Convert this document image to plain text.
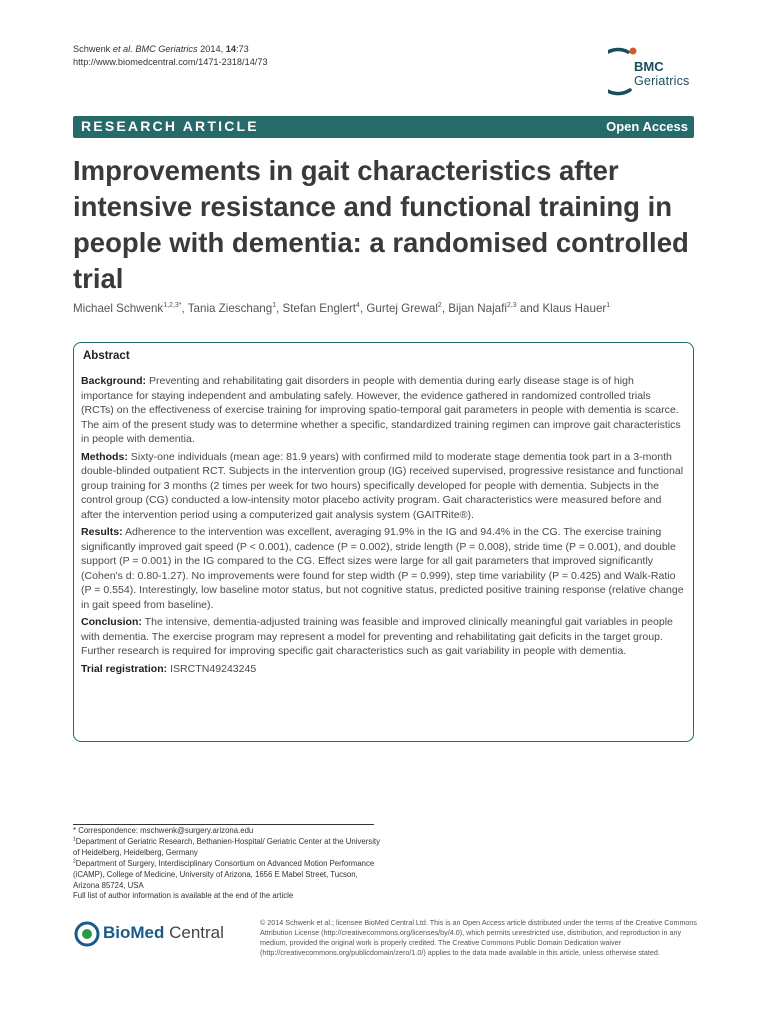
Schwenk et al. BMC Geriatrics 2014, 14:73
http://www.biomedcentral.com/1471-2318/14/73	BMC
Geriatrics
RESEARCH ARTICLE	Open Access
Improvements in gait characteristics after intensive resistance and functional training in people with dementia: a randomised controlled trial
Michael Schwenk$^{1,2,3*}$, Tania Zieschang$^1$, Stefan Englert$^4$, Gurtej Grewal$^2$, Bijan Najafi$^{2,3}$ and Klaus Hauer$^1$
Abstract

Background: Preventing and rehabilitating gait disorders in people with dementia during early disease stage is of high importance for staying independent and ambulating safely. However, the evidence gathered in randomized controlled trials (RCTs) on the effectiveness of exercise training for improving spatio-temporal gait parameters in people with dementia is scarce. The aim of the present study was to determine whether a specific, standardized training regimen can improve gait characteristics in people with dementia.

Methods: Sixty-one individuals (mean age: 81.9 years) with confirmed mild to moderate stage dementia took part in a 3-month double-blinded outpatient RCT. Subjects in the intervention group (IG) received supervised, progressive resistance and functional group training for 3 months (2 times per week for two hours) specifically developed for people with dementia. Subjects in the control group (CG) conducted a low-intensity motor placebo activity program. Gait characteristics were measured before and after the intervention period using a computerized gait analysis system (GAITRite®).

Results: Adherence to the intervention was excellent, averaging 91.9% in the IG and 94.4% in the CG. The exercise training significantly improved gait speed (P < 0.001), cadence (P = 0.002), stride length (P = 0.008), stride time (P = 0.001), and double support (P = 0.001) in the IG compared to the CG. Effect sizes were large for all gait parameters that improved significantly (Cohen's d: 0.80-1.27). No improvements were found for step width (P = 0.999), step time variability (P = 0.425) and Walk-Ratio (P = 0.554). Interestingly, low baseline motor status, but not cognitive status, predicted positive training response (relative change in gait speed from baseline).

Conclusion: The intensive, dementia-adjusted training was feasible and improved clinically meaningful gait variables in people with dementia. The exercise program may represent a model for preventing and rehabilitating gait deficits in the target group. Further research is required for improving specific gait characteristics such as gait variability in people with dementia.

Trial registration: ISRCTN49243245

* Correspondence: mschwenk@surgery.arizona.edu
$^1$Department of Geriatric Research, Bethanien-Hospital/ Geriatric Center at the University of Heidelberg, Heidelberg, Germany
$^2$Department of Surgery, Interdisciplinary Consortium on Advanced Motion Performance (iCAMP), College of Medicine, University of Arizona, 1656 E Mabel Street, Tucson, Arizona 85724, USA
Full list of author information is available at the end of the article
BioMed Central
© 2014 Schwenk et al.; licensee BioMed Central Ltd. This is an Open Access article distributed under the terms of the Creative Commons Attribution License (http://creativecommons.org/licenses/by/4.0), which permits unrestricted use, distribution, and reproduction in any medium, provided the original work is properly credited. The Creative Commons Public Domain Dedication waiver (http://creativecommons.org/publicdomain/zero/1.0/) applies to the data made available in this article, unless otherwise stated.
